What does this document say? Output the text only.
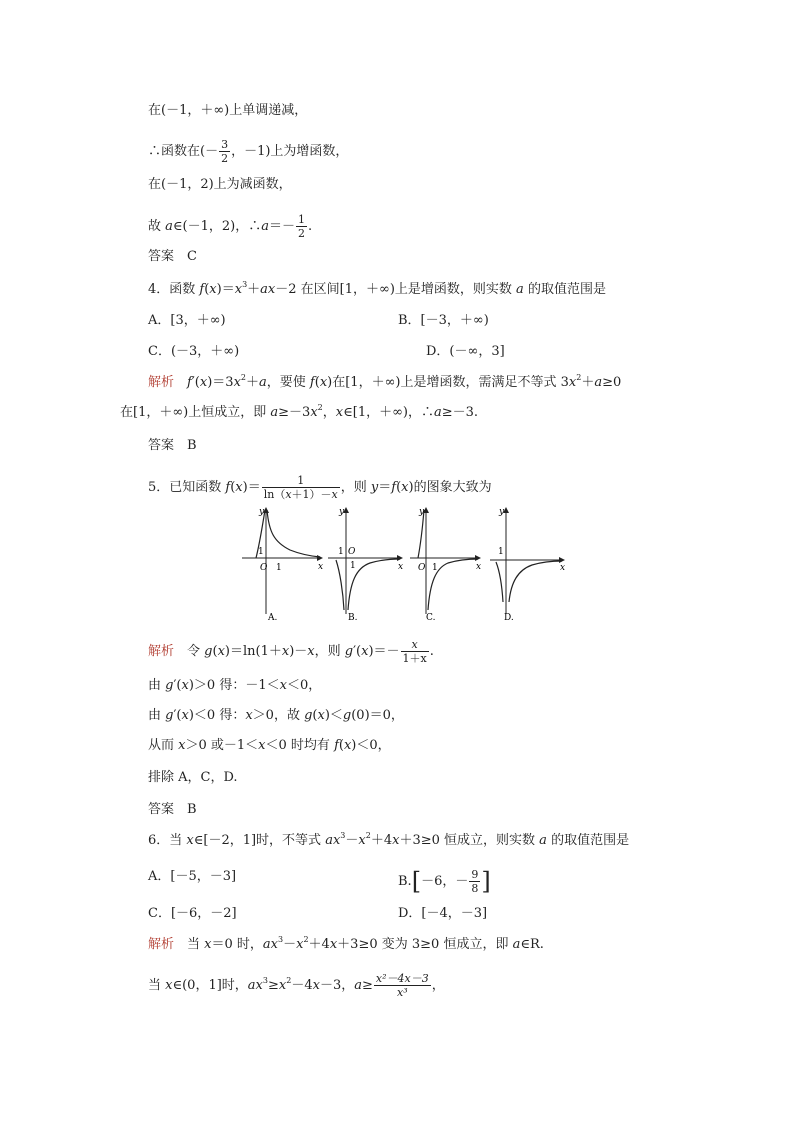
在(－1，＋∞)上单调递减，
∴函数在(－ $\frac{3}{2}$ ，－1)上为增函数，
在(－1，2)上为减函数，
故 a∈(－1，2)，∴a＝－ $\frac{1}{2}$ .
答案　C
4．函数 $f(x)=x^3+ax-2$ 在区间[1，＋∞)上是增函数，则实数 a 的取值范围是
A．[3，＋∞)	B．[－3，＋∞)
C．(－3，＋∞)	D．(－∞，3]
解析　 $f'(x)=3x^2+a$，要使 f(x)在[1，＋∞)上是增函数，需满足不等式 $3x^2+a\ge 0$
在[1，＋∞)上恒成立，即 $a\ge-3x^2$，x∈[1，＋∞)，∴a≥－3.
答案　B
5．已知函数 $f(x)= \frac{1}{\ln(x+1)-x}$ ，则 y＝f(x)的图象大致为
y
x
O 1
1
A.
y
x
O
1
1
B.
y
x
O 1
C.
y
x
1
D.
解析　令 g(x)＝ln(1＋x)－x，则 $g'(x)=- \frac{x}{1+x}$ .
由 g′(x)＞0 得：－1＜x＜0，
由 g′(x)＜0 得：x＞0，故 g(x)＜g(0)＝0，
从而 x＞0 或－1＜x＜0 时均有 f(x)＜0，
排除 A，C，D.
答案　B
6．当 x∈[－2，1]时，不等式 $ax^3-x^2+4x+3\ge 0$ 恒成立，则实数 a 的取值范围是
A．[－5，－3]	B.[－6，－ $\frac{9}{8}$ ]
C．[－6，－2]	D．[－4，－3]
解析　当 x＝0 时，$ax^3-x^2+4x+3\ge 0$ 变为 3≥0 恒成立，即 a∈R.
当 x∈(0，1]时，$ax^3\ge x^2-4x-3$，$a\ge \frac{\text{x²－4x－3}}{\text{x³}}$ ，
